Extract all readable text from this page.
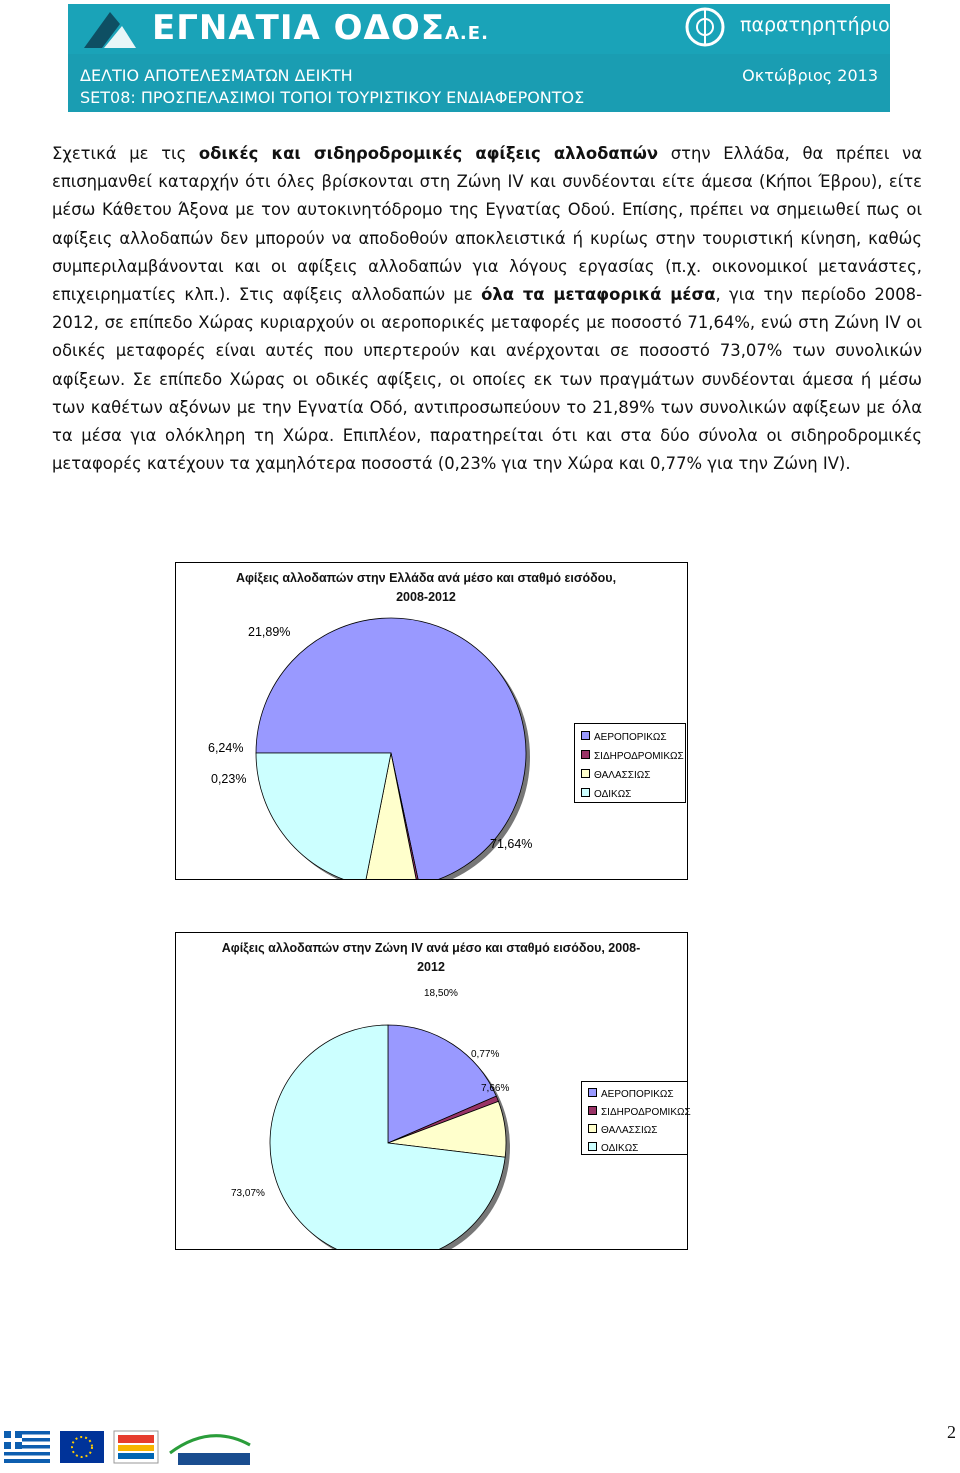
ΕΓΝΑΤΙΑ ΟΔΟΣΑ.Ε.	παρατηρητήριο
ΔΕΛΤΙΟ ΑΠΟΤΕΛΕΣΜΑΤΩΝ ΔΕΙΚΤΗ	Οκτώβριος 2013
SET08: ΠΡΟΣΠΕΛΑΣΙΜΟΙ ΤΟΠΟΙ ΤΟΥΡΙΣΤΙΚΟΥ ΕΝΔΙΑΦΕΡΟΝΤΟΣ

Σχετικά με τις οδικές και σιδηροδρομικές αφίξεις αλλοδαπών στην Ελλάδα, θα πρέπει να επισημανθεί καταρχήν ότι όλες βρίσκονται στη Ζώνη IV και συνδέονται είτε άμεσα (Κήποι Έβρου), είτε μέσω Κάθετου Άξονα με τον αυτοκινητόδρομο της Εγνατίας Οδού. Επίσης, πρέπει να σημειωθεί πως οι αφίξεις αλλοδαπών δεν μπορούν να αποδοθούν αποκλειστικά ή κυρίως στην τουριστική κίνηση, καθώς συμπεριλαμβάνονται και οι αφίξεις αλλοδαπών για λόγους εργασίας (π.χ. οικονομικοί μετανάστες, επιχειρηματίες κλπ.). Στις αφίξεις αλλοδαπών με όλα τα μεταφορικά μέσα, για την περίοδο 2008-2012, σε επίπεδο Χώρας κυριαρχούν οι αεροπορικές μεταφορές με ποσοστό 71,64%, ενώ στη Ζώνη IV οι οδικές μεταφορές είναι αυτές που υπερτερούν και ανέρχονται σε ποσοστό 73,07% των συνολικών αφίξεων. Σε επίπεδο Χώρας οι οδικές αφίξεις, οι οποίες εκ των πραγμάτων συνδέονται άμεσα ή μέσω των καθέτων αξόνων με την Εγνατία Οδό, αντιπροσωπεύουν το 21,89% των συνολικών αφίξεων με όλα τα μέσα για ολόκληρη τη Χώρα. Επιπλέον, παρατηρείται ότι και στα δύο σύνολα οι σιδηροδρομικές μεταφορές κατέχουν τα χαμηλότερα ποσοστά (0,23% για την Χώρα και 0,77% για την Ζώνη IV).

Αφίξεις αλλοδαπών στην Ελλάδα ανά μέσο και σταθμό εισόδου, 2008-2012
21,89%
6,24%
0,23%
71,64%
ΑΕΡΟΠΟΡΙΚΩΣ
ΣΙΔΗΡΟΔΡΟΜΙΚΩΣ
ΘΑΛΑΣΣΙΩΣ
ΟΔΙΚΩΣ
Αφίξεις αλλοδαπών στην Ζώνη IV ανά μέσο και σταθμό εισόδου, 2008-2012
18,50%
0,77%
7,66%
73,07%
ΑΕΡΟΠΟΡΙΚΩΣ
ΣΙΔΗΡΟΔΡΟΜΙΚΩΣ
ΘΑΛΑΣΣΙΩΣ
ΟΔΙΚΩΣ
2
